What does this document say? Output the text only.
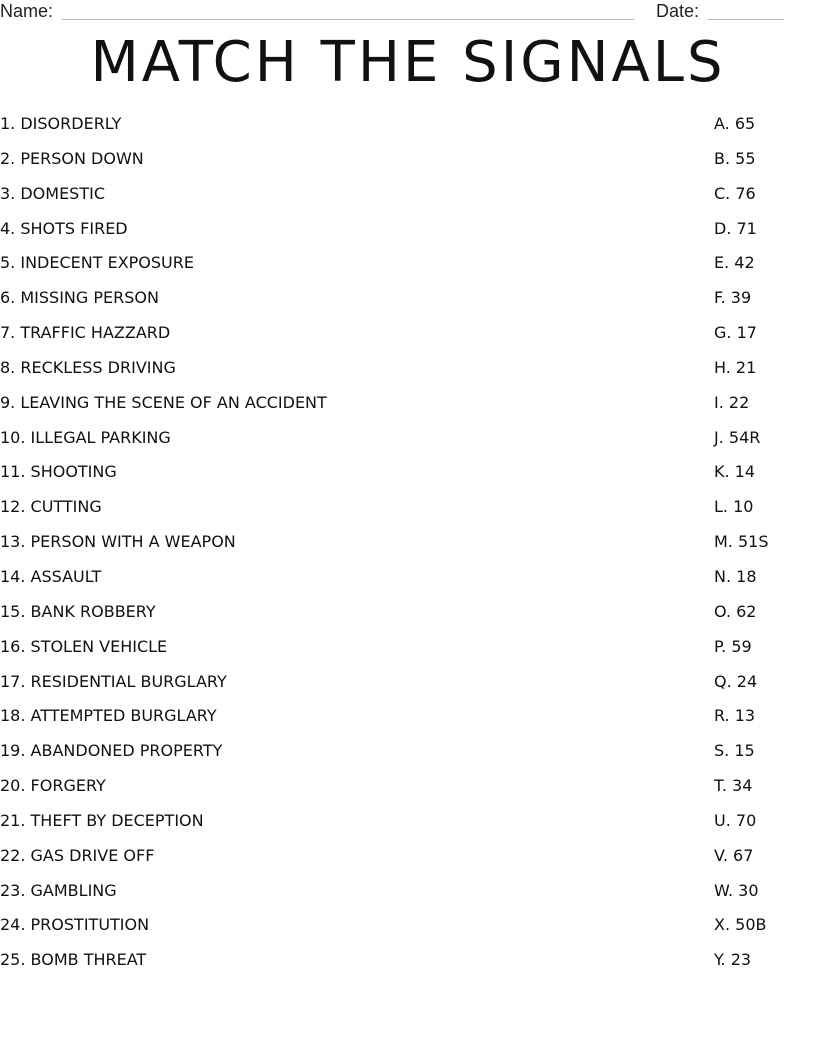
Name:	Date:
MATCH THE SIGNALS
1. DISORDERLY	A. 65
2. PERSON DOWN	B. 55
3. DOMESTIC	C. 76
4. SHOTS FIRED	D. 71
5. INDECENT EXPOSURE	E. 42
6. MISSING PERSON	F. 39
7. TRAFFIC HAZZARD	G. 17
8. RECKLESS DRIVING	H. 21
9. LEAVING THE SCENE OF AN ACCIDENT	I. 22
10. ILLEGAL PARKING	J. 54R
11. SHOOTING	K. 14
12. CUTTING	L. 10
13. PERSON WITH A WEAPON	M. 51S
14. ASSAULT	N. 18
15. BANK ROBBERY	O. 62
16. STOLEN VEHICLE	P. 59
17. RESIDENTIAL BURGLARY	Q. 24
18. ATTEMPTED BURGLARY	R. 13
19. ABANDONED PROPERTY	S. 15
20. FORGERY	T. 34
21. THEFT BY DECEPTION	U. 70
22. GAS DRIVE OFF	V. 67
23. GAMBLING	W. 30
24. PROSTITUTION	X. 50B
25. BOMB THREAT	Y. 23
